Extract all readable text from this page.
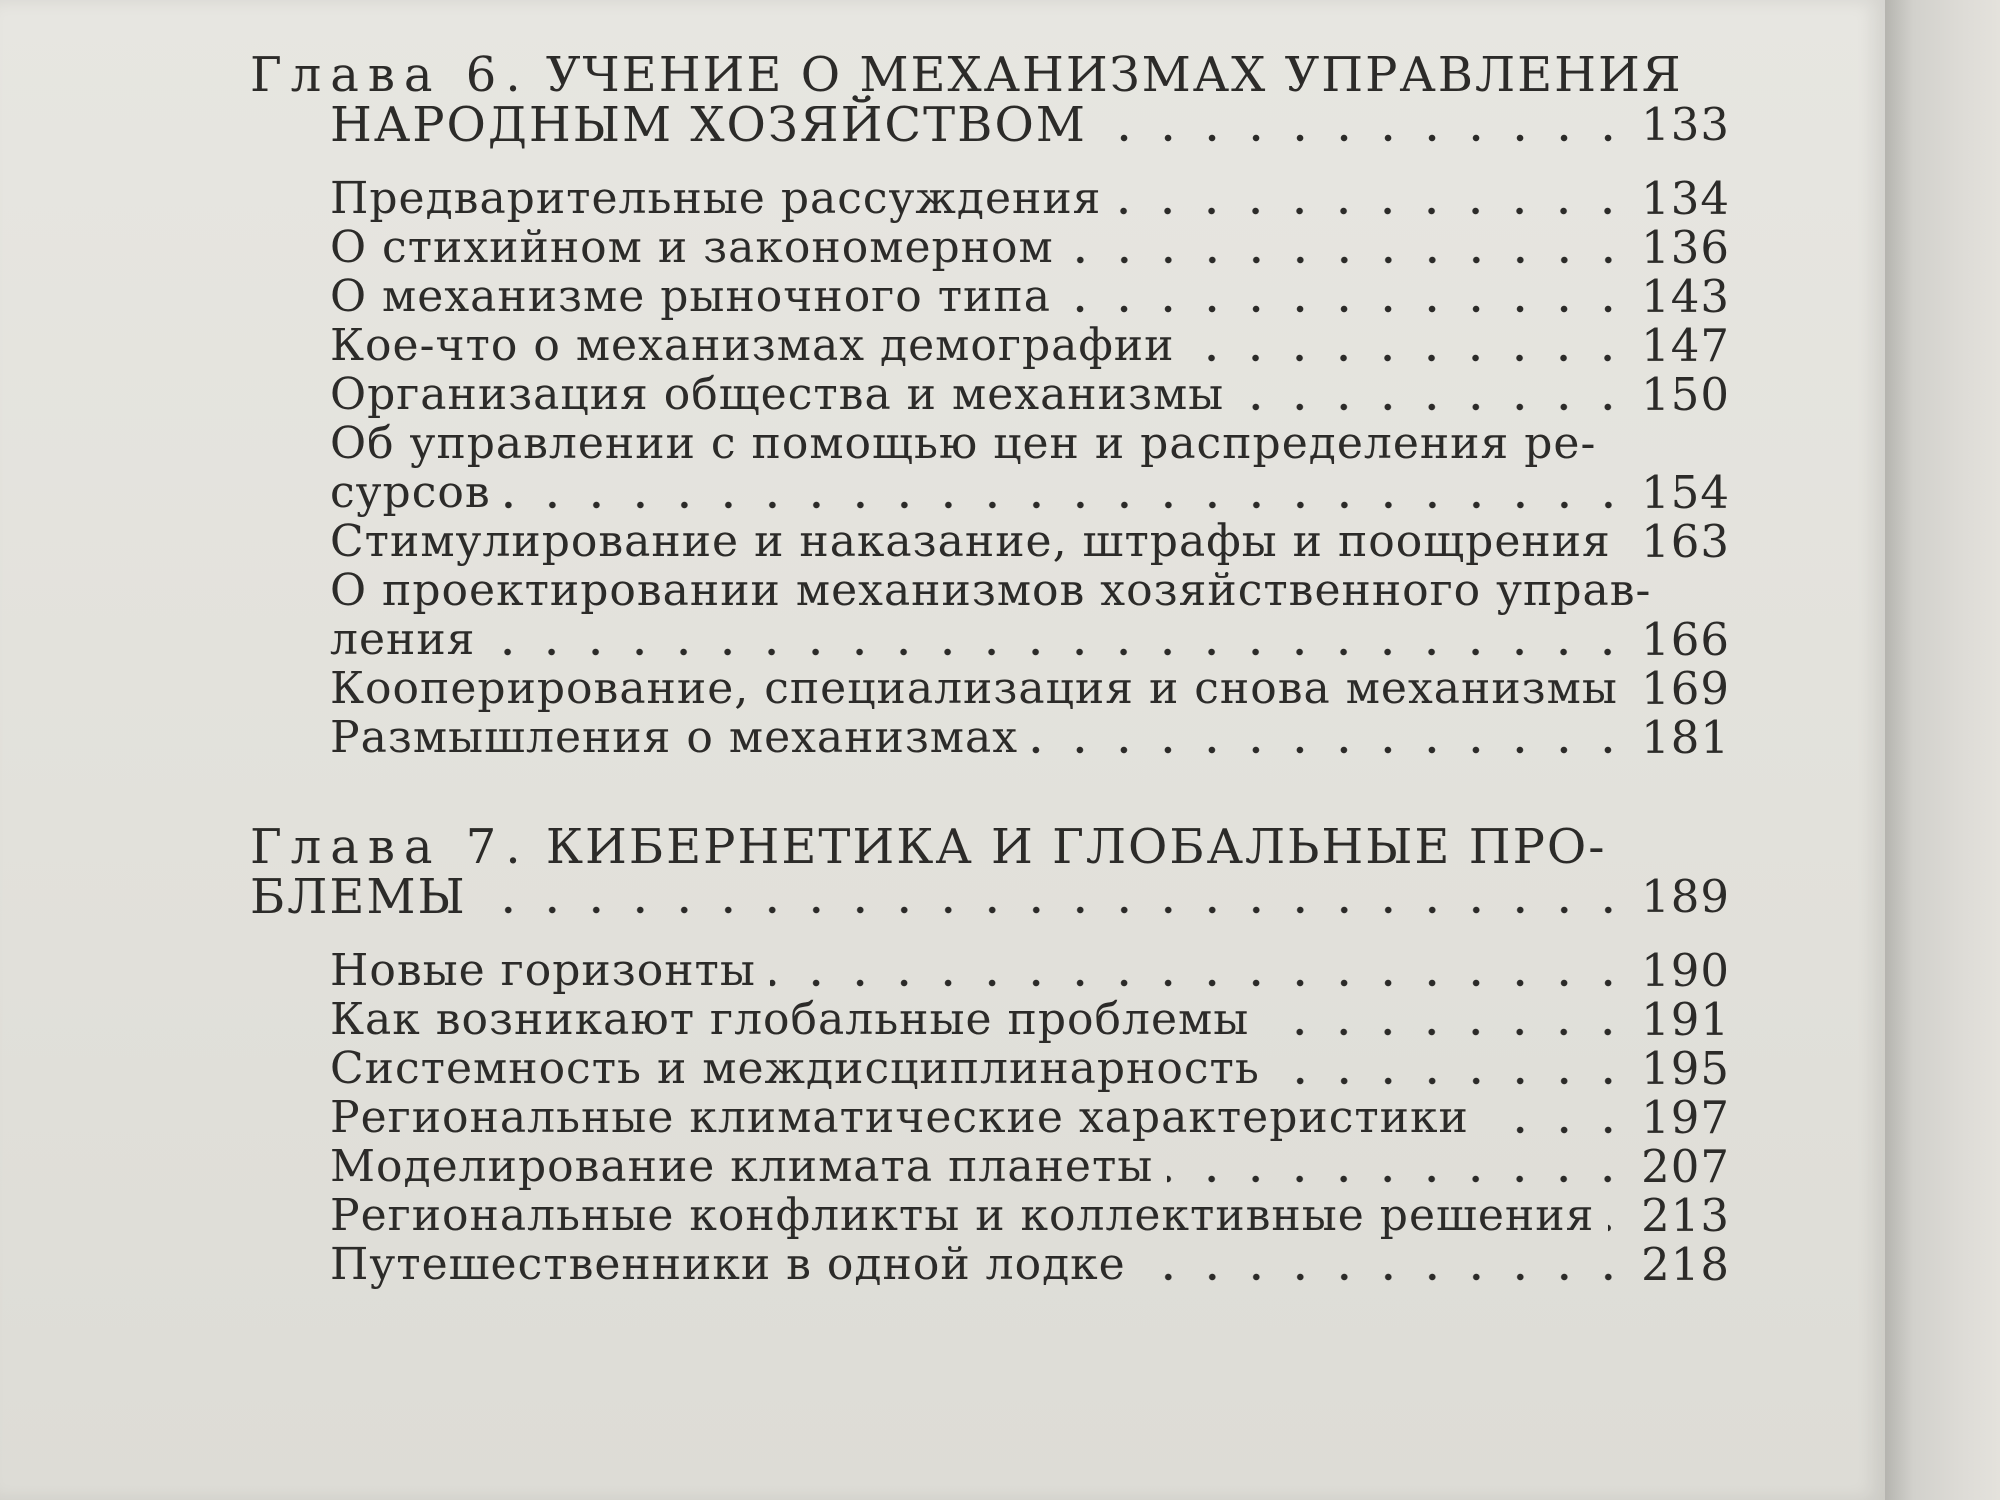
Глава 6. УЧЕНИЕ О МЕХАНИЗМАХ УПРАВЛЕНИЯ
НАРОДНЫМ ХОЗЯЙСТВОМ	133
Предварительные рассуждения	134
О стихийном и закономерном	136
О механизме рыночного типа	143
Кое-что о механизмах демографии	147
Организация общества и механизмы	150
Об управлении с помощью цен и распределения ре-
сурсов	154
Стимулирование и наказание, штрафы и поощрения 163
О проектировании механизмов хозяйственного управ-
ления	166
Кооперирование, специализация и снова механизмы 169
Размышления о механизмах	181
Глава 7. КИБЕРНЕТИКА И ГЛОБАЛЬНЫЕ ПРО-
БЛЕМЫ	189
Новые горизонты	190
Как возникают глобальные проблемы	191
Системность и междисциплинарность	195
Региональные климатические характеристики	197
Моделирование климата планеты	207
Региональные конфликты и коллективные решения 213
Путешественники в одной лодке	218
